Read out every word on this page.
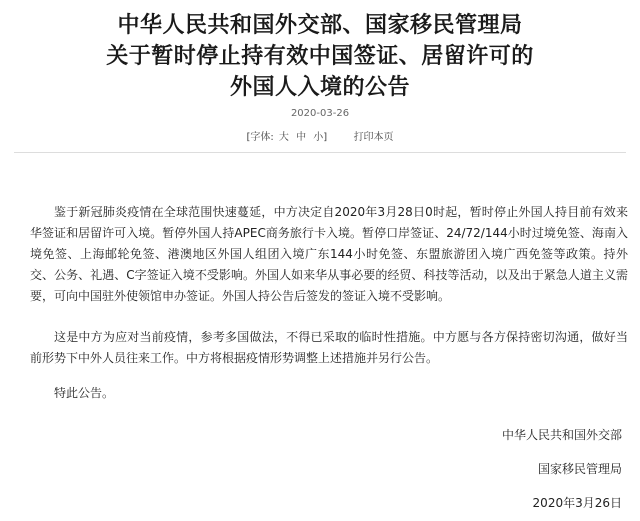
中华人民共和国外交部、国家移民管理局
关于暂时停止持有效中国签证、居留许可的
外国人入境的公告
2020-03-26
[字体: 大 中 小]	打印本页

鉴于新冠肺炎疫情在全球范围快速蔓延，中方决定自2020年3月28日0时起，暂时停止外国人持目前有效来华签证和居留许可入境。暂停外国人持APEC商务旅行卡入境。暂停口岸签证、24/72/144小时过境免签、海南入境免签、上海邮轮免签、港澳地区外国人组团入境广东144小时免签、东盟旅游团入境广西免签等政策。持外交、公务、礼遇、C字签证入境不受影响。外国人如来华从事必要的经贸、科技等活动，以及出于紧急人道主义需要，可向中国驻外使领馆申办签证。外国人持公告后签发的签证入境不受影响。

这是中方为应对当前疫情，参考多国做法，不得已采取的临时性措施。中方愿与各方保持密切沟通，做好当前形势下中外人员往来工作。中方将根据疫情形势调整上述措施并另行公告。

特此公告。

中华人民共和国外交部
国家移民管理局
2020年3月26日
